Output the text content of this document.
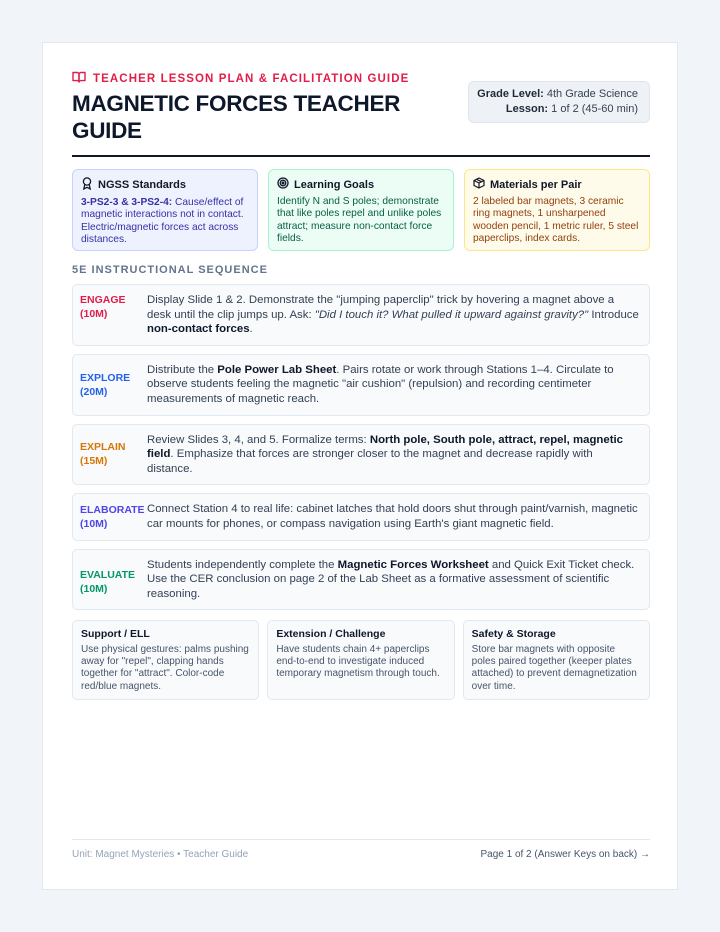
TEACHER LESSON PLAN & FACILITATION GUIDE
MAGNETIC FORCES TEACHER GUIDE
Grade Level: 4th Grade Science
Lesson: 1 of 2 (45-60 min)
NGSS Standards
3-PS2-3 & 3-PS2-4: Cause/effect of magnetic interactions not in contact. Electric/magnetic forces act across distances.
Learning Goals
Identify N and S poles; demonstrate that like poles repel and unlike poles attract; measure non-contact force fields.
Materials per Pair
2 labeled bar magnets, 3 ceramic ring magnets, 1 unsharpened wooden pencil, 1 metric ruler, 5 steel paperclips, index cards.
5E INSTRUCTIONAL SEQUENCE
ENGAGE
(10M)
Display Slide 1 & 2. Demonstrate the "jumping paperclip" trick by hovering a magnet above a desk until the clip jumps up. Ask: "Did I touch it? What pulled it upward against gravity?" Introduce non-contact forces.
EXPLORE
(20M)
Distribute the Pole Power Lab Sheet. Pairs rotate or work through Stations 1–4. Circulate to observe students feeling the magnetic "air cushion" (repulsion) and recording centimeter measurements of magnetic reach.
EXPLAIN
(15M)
Review Slides 3, 4, and 5. Formalize terms: North pole, South pole, attract, repel, magnetic field. Emphasize that forces are stronger closer to the magnet and decrease rapidly with distance.
ELABORATE
(10M)
Connect Station 4 to real life: cabinet latches that hold doors shut through paint/varnish, magnetic car mounts for phones, or compass navigation using Earth's giant magnetic field.
EVALUATE
(10M)
Students independently complete the Magnetic Forces Worksheet and Quick Exit Ticket check. Use the CER conclusion on page 2 of the Lab Sheet as a formative assessment of scientific reasoning.
Support / ELL
Use physical gestures: palms pushing away for "repel", clapping hands together for "attract". Color-code red/blue magnets.
Extension / Challenge
Have students chain 4+ paperclips end-to-end to investigate induced temporary magnetism through touch.
Safety & Storage
Store bar magnets with opposite poles paired together (keeper plates attached) to prevent demagnetization over time.
Unit: Magnet Mysteries • Teacher Guide	Page 1 of 2 (Answer Keys on back) →
